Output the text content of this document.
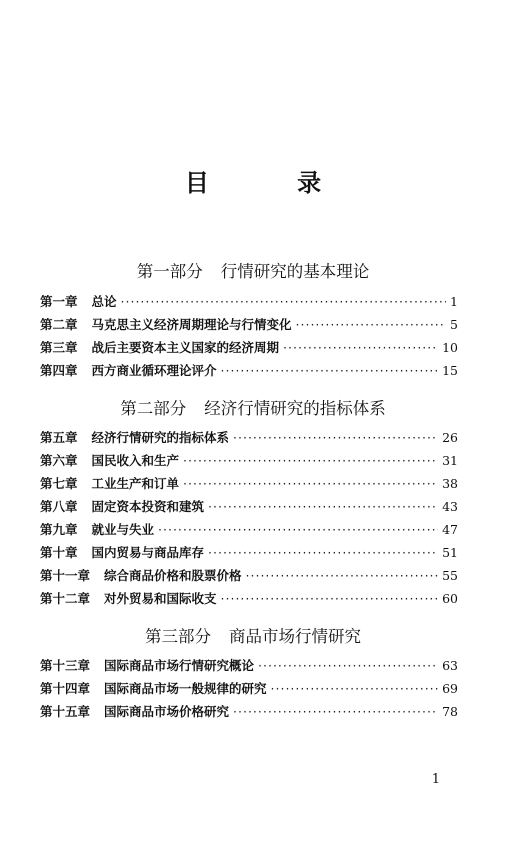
目 录
第一部分 行情研究的基本理论
第一章 总论 ·····	1
第二章 马克思主义经济周期理论与行情变化 ·····	5
第三章 战后主要资本主义国家的经济周期 ·····	10
第四章 西方商业循环理论评介 ·····	15
第二部分 经济行情研究的指标体系
第五章 经济行情研究的指标体系 ·····	26
第六章 国民收入和生产 ·····	31
第七章 工业生产和订单 ·····	38
第八章 固定资本投资和建筑 ·····	43
第九章 就业与失业 ·····	47
第十章 国内贸易与商品库存 ·····	51
第十一章 综合商品价格和股票价格 ·····	55
第十二章 对外贸易和国际收支 ·····	60
第三部分 商品市场行情研究
第十三章 国际商品市场行情研究概论 ·····	63
第十四章 国际商品市场一般规律的研究 ·····	69
第十五章 国际商品市场价格研究 ·····	78
1
